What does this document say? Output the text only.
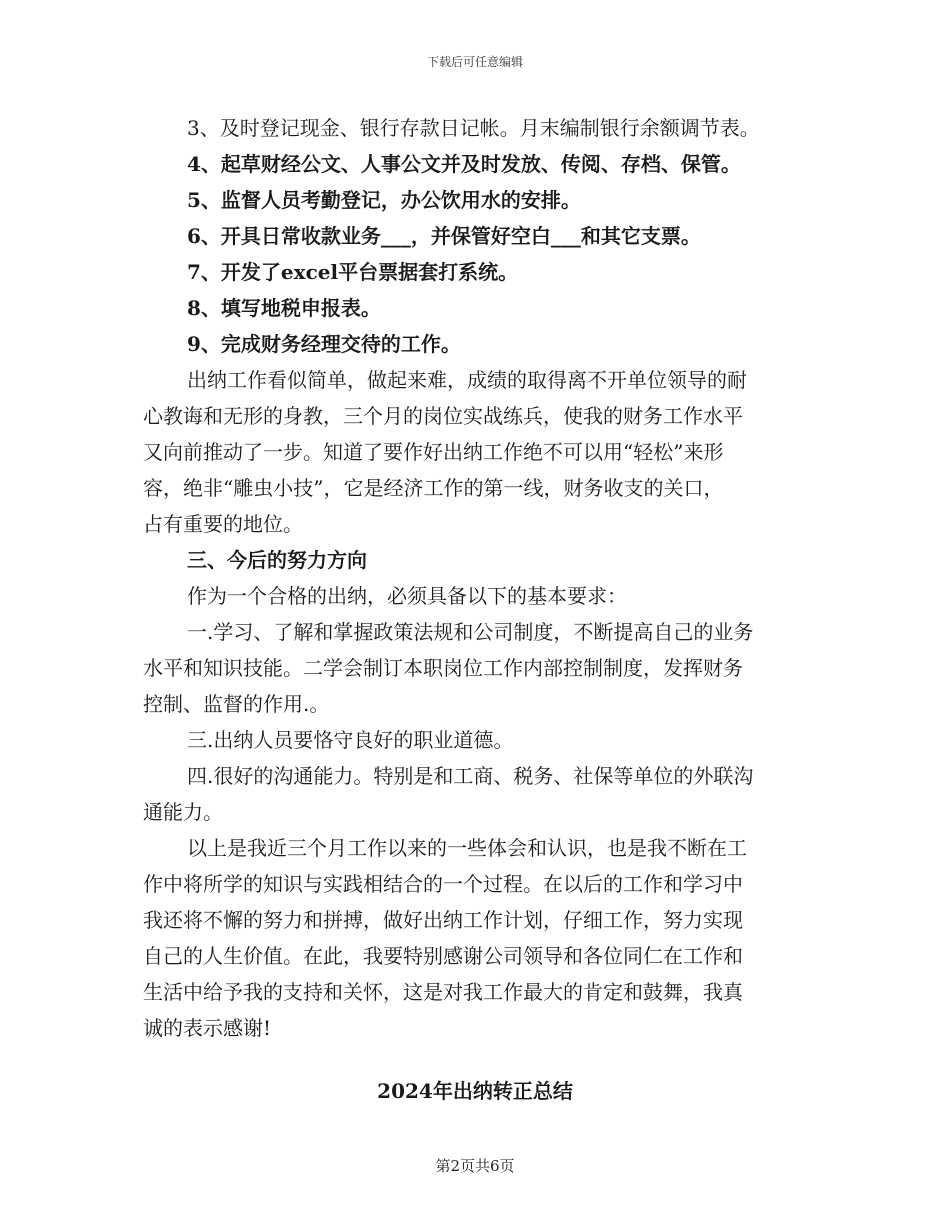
下载后可任意编辑

3、及时登记现金、银行存款日记帐。月末编制银行余额调节表。

4、起草财经公文、人事公文并及时发放、传阅、存档、保管。

5、监督人员考勤登记，办公饮用水的安排。

6、开具日常收款业务___，并保管好空白___和其它支票。

7、开发了excel平台票据套打系统。

8、填写地税申报表。

9、完成财务经理交待的工作。

出纳工作看似简单，做起来难，成绩的取得离不开单位领导的耐
心教诲和无形的身教，三个月的岗位实战练兵，使我的财务工作水平
又向前推动了一步。知道了要作好出纳工作绝不可以用“轻松”来形
容，绝非“雕虫小技”，它是经济工作的第一线，财务收支的关口，
占有重要的地位。

三、今后的努力方向

作为一个合格的出纳，必须具备以下的基本要求：

一.学习、了解和掌握政策法规和公司制度，不断提高自己的业务
水平和知识技能。二学会制订本职岗位工作内部控制制度，发挥财务
控制、监督的作用.。

三.出纳人员要恪守良好的职业道德。

四.很好的沟通能力。特别是和工商、税务、社保等单位的外联沟
通能力。
以上是我近三个月工作以来的一些体会和认识，也是我不断在工
作中将所学的知识与实践相结合的一个过程。在以后的工作和学习中
我还将不懈的努力和拼搏，做好出纳工作计划，仔细工作，努力实现
自己的人生价值。在此，我要特别感谢公司领导和各位同仁在工作和
生活中给予我的支持和关怀，这是对我工作最大的肯定和鼓舞，我真
诚的表示感谢!
2024年出纳转正总结
第2页共6页
